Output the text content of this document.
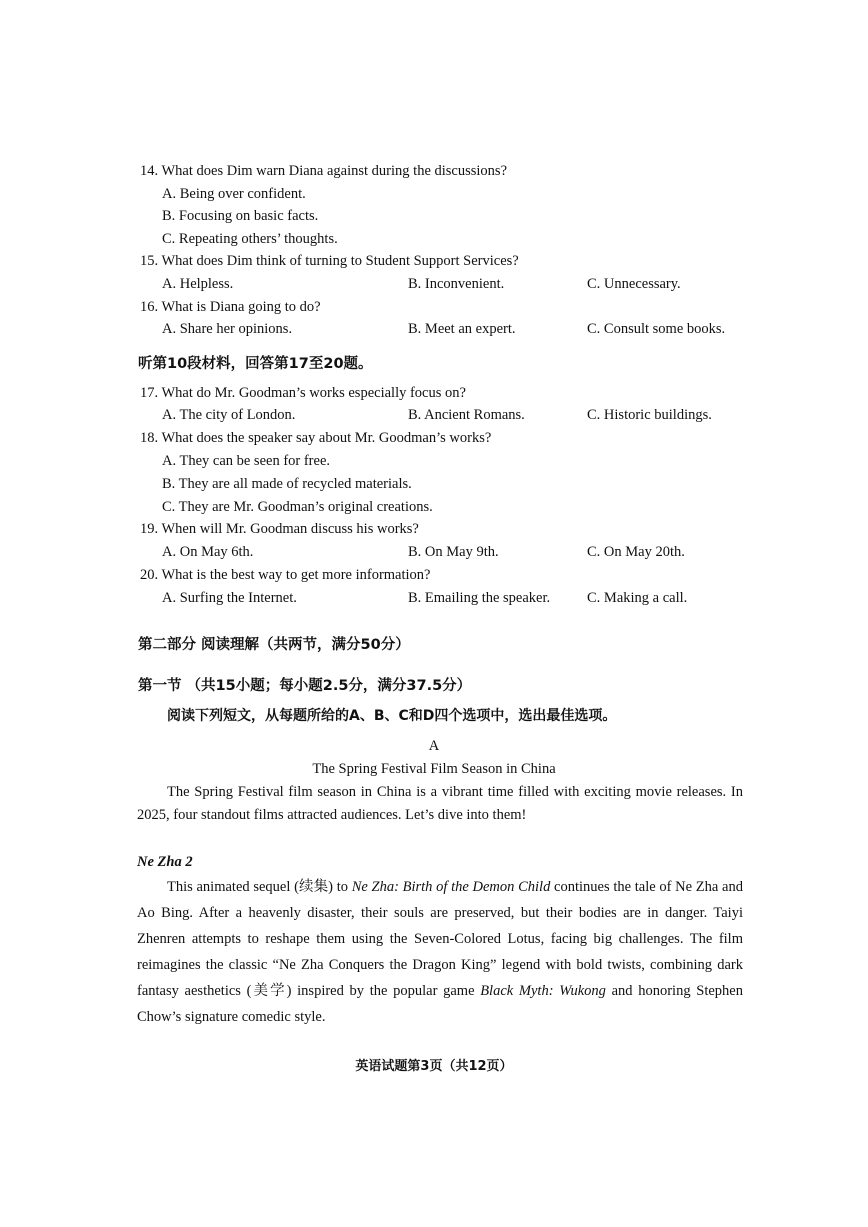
14. What does Dim warn Diana against during the discussions?
A. Being over confident.
B. Focusing on basic facts.
C. Repeating others’ thoughts.
15. What does Dim think of turning to Student Support Services?
A. Helpless.	B. Inconvenient.	C. Unnecessary.
16. What is Diana going to do?
A. Share her opinions.	B. Meet an expert.	C. Consult some books.
听第10段材料，回答第17至20题。
17. What do Mr. Goodman’s works especially focus on?
A. The city of London.	B. Ancient Romans.	C. Historic buildings.
18. What does the speaker say about Mr. Goodman’s works?
A. They can be seen for free.
B. They are all made of recycled materials.
C. They are Mr. Goodman’s original creations.
19. When will Mr. Goodman discuss his works?
A. On May 6th.	B. On May 9th.	C. On May 20th.
20. What is the best way to get more information?
A. Surfing the Internet.	B. Emailing the speaker.	C. Making a call.
第二部分 阅读理解（共两节，满分50分）
第一节 （共15小题；每小题2.5分，满分37.5分）
阅读下列短文，从每题所给的A、B、C和D四个选项中，选出最佳选项。
A
The Spring Festival Film Season in China
The Spring Festival film season in China is a vibrant time filled with exciting movie releases. In 2025, four standout films attracted audiences. Let’s dive into them!
Ne Zha 2
This animated sequel (续集) to Ne Zha: Birth of the Demon Child continues the tale of Ne Zha and Ao Bing. After a heavenly disaster, their souls are preserved, but their bodies are in danger. Taiyi Zhenren attempts to reshape them using the Seven-Colored Lotus, facing big challenges. The film reimagines the classic “Ne Zha Conquers the Dragon King” legend with bold twists, combining dark fantasy aesthetics (美学) inspired by the popular game Black Myth: Wukong and honoring Stephen Chow’s signature comedic style.
英语试题第3页（共12页）
